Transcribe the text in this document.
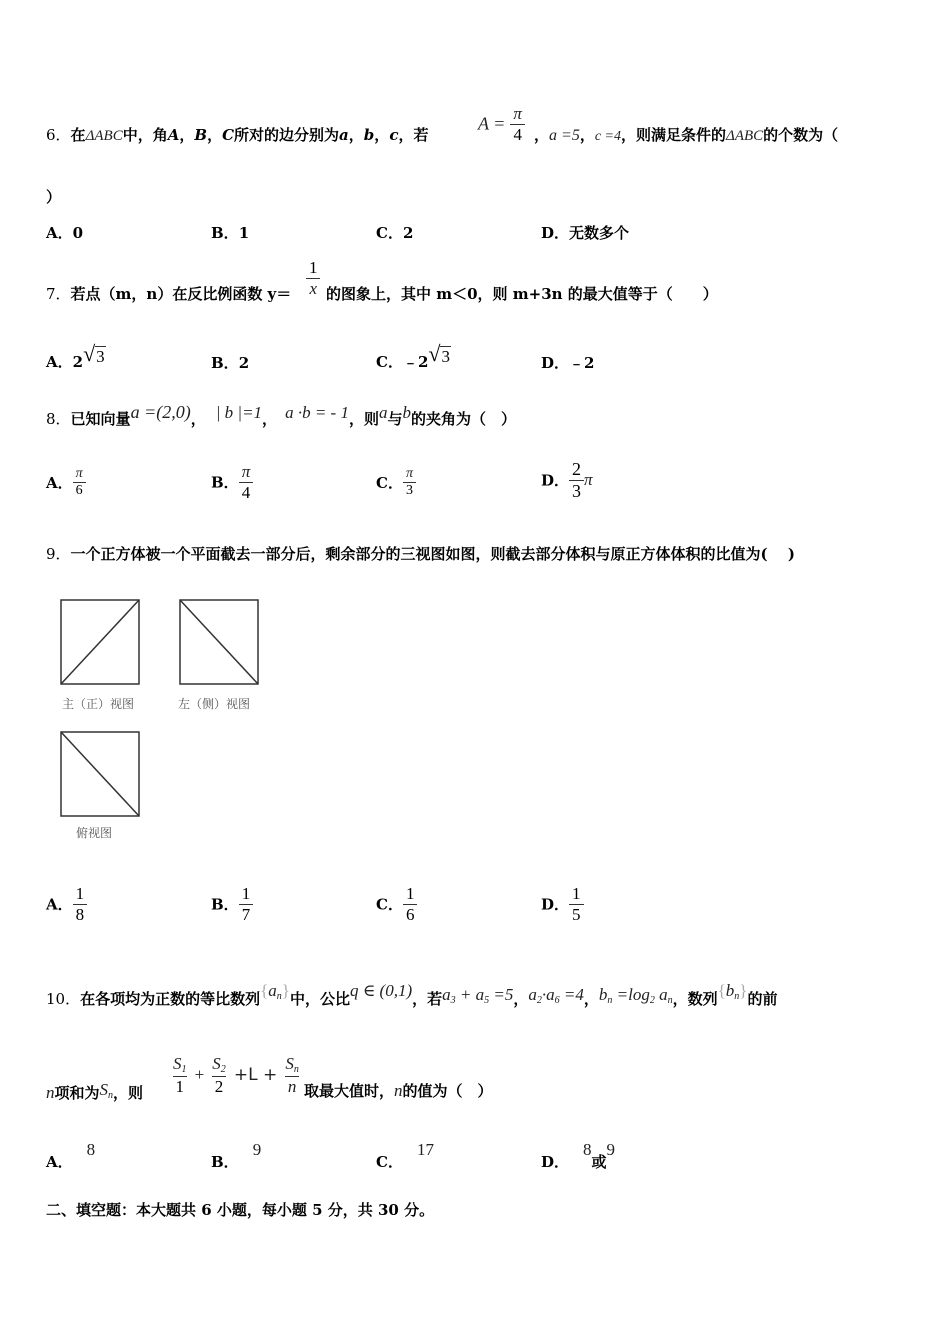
6．在ΔABC中，角A，B，C所对的边分别为a，b，c，若
$A = \frac{\pi}{4}$ ，a =5，c =4，则满足条件的ΔABC的个数为（
）
A．0	B．1	C．2	D．无数多个
7．若点（m，n）在反比例函数 $y= \frac{1}{x}$ 的图象上，其中 m＜0，则 m+3n 的最大值等于（　　）
A．2 √ 3	B．2	C．﹣2 √ 3	D．﹣2
8．已知向量a =(2,0)， | b |=1， a ·b = - 1，则a与b的夹角为（　）
A． $\frac{\pi}{6}$	B． $\frac{\pi}{4}$	C． $\frac{\pi}{3}$	D． $\frac{2}{3}$ π
9．一个正方体被一个平面截去一部分后，剩余部分的三视图如图，则截去部分体积与原正方体体积的比值为(　 )
主（正）视图	左（侧）视图
俯视图
A． $\frac{1}{8}$	B． $\frac{1}{7}$	C． $\frac{1}{6}$	D． $\frac{1}{5}$
10．在各项均为正数的等比数列$\{a_n\}$中，公比q ∈ (0,1)，若$a_3 + a_5 =5$，$a_2\cdot a_6 =4$，$b_n =\log_2$ $a_n$，数列$\{b_n\}$的前
n项和为$S_n$，则 $\frac{S_1}{1} + \frac{S_2}{2} +L + \frac{S_n}{n}$ 取最大值时，n的值为（　）
A．8
B．9
C．17
D．8或9
二、填空题：本大题共 6 小题，每小题 5 分，共 30 分。
